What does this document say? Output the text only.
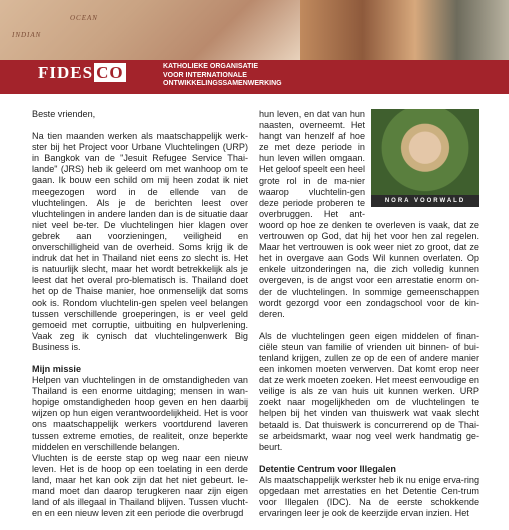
OCEAN
INDIAN
FIDES CO	KATHOLIEKE ORGANISATIE
VOOR INTERNATIONALE
ONTWIKKELINGSSAMENWERKING

Beste vrienden,

Na tien maanden werken als maatschappelijk werk-ster bij het Project voor Urbane Vluchtelingen (URP) in Bangkok van de "Jesuit Refugee Service Thai-lande" (JRS) heb ik geleerd om met wanhoop om te gaan. Ik bouw een schild om mij heen zodat ik niet meegezogen word in de ellende van de vluchtelingen. Als je de berichten leest over vluchtelingen in andere landen dan is de situatie daar niet veel be-ter. De vluchtelingen hier klagen over gebrek aan voorzieningen, veiligheid en onverschilligheid van de overheid. Soms krijg ik de indruk dat het in Thailand niet eens zo slecht is. Het is natuurlijk slecht, maar het wordt betrekkelijk als je leest dat het overal pro-blematisch is. Thailand doet het op de Thaise manier, hoe onmenselijk dat soms ook is. Rondom vluchtelin-gen spelen veel belangen tussen verschillende groeperingen, is er veel geld gemoeid met corruptie, uitbuiting en hulpverlening. Vaak zeg ik cynisch dat vluchtelingenwerk Big Business is.

Mijn missie

Helpen van vluchtelingen in de omstandigheden van Thailand is een enorme uitdaging; mensen in wan-hopige omstandigheden hoop geven en hen daarbij wijzen op hun eigen verantwoordelijkheid. Het is voor ons maatschappelijk werkers voortdurend laveren tussen extreme emoties, de realiteit, onze beperkte middelen en verschillende belangen.

Vluchten is de eerste stap op weg naar een nieuw leven. Het is de hoop op een toelating in een derde land, maar het kan ook zijn dat het niet gebeurt. Ie-mand moet dan daarop terugkeren naar zijn eigen land of als illegaal in Thailand blijven. Tussen vlucht-en en een nieuw leven zit een periode die overbrugd

NORA VOORWALD

hun leven, en dat van hun naasten, overneemt. Het hangt van henzelf af hoe ze met deze periode in hun leven willen omgaan. Het geloof speelt een heel grote rol in de ma-nier waarop vluchtelin-gen deze periode proberen te overbruggen. Het ant-woord op hoe ze denken te overleven is vaak, dat ze vertrouwen op God, dat hij het voor hen zal regelen. Maar het vertrouwen is ook weer niet zo groot, dat ze het in overgave aan Gods Wil kunnen overlaten. Op enkele uitzonderingen na, die zich volledig kunnen overgeven, is de angst voor een arrestatie enorm on-der de vluchtelingen. In sommige gemeenschappen wordt gezorgd voor een zondagschool voor de kin-deren.

Als de vluchtelingen geen eigen middelen of finan-ciële steun van familie of vrienden uit binnen- of bui-tenland krijgen, zullen ze op de een of andere manier een inkomen moeten verwerven. Dat komt erop neer dat ze werk moeten zoeken. Het meest eenvoudige en veilige is als ze van huis uit kunnen werken. URP zoekt naar mogelijkheden om de vluchtelingen te helpen bij het vinden van thuiswerk wat vaak slecht betaald is. Dat thuiswerk is concurrerend op de Thai-se arbeidsmarkt, waar nog veel werk handmatig ge-beurt.

Detentie Centrum voor Illegalen

Als maatschappelijk werkster heb ik nu enige erva-ring opgedaan met arrestaties en het Detentie Cen-trum voor Illegalen (IDC). Na de eerste schokkende ervaringen leer je ook de keerzijde ervan inzien. Het
